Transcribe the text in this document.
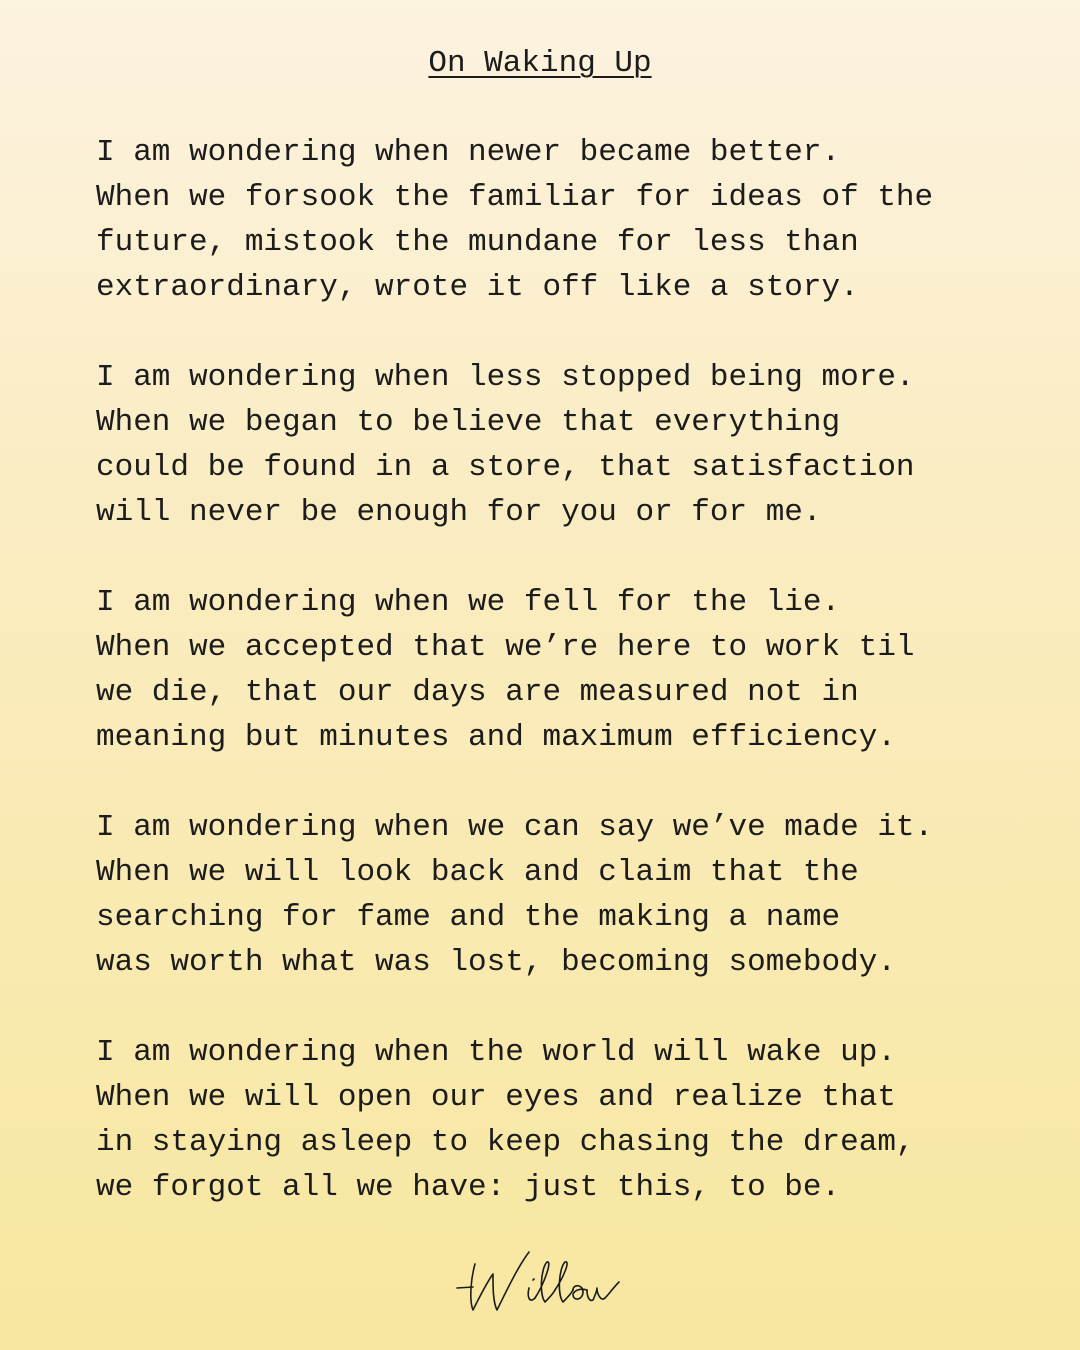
On Waking Up
I am wondering when newer became better.
When we forsook the familiar for ideas of the
future, mistook the mundane for less than
extraordinary, wrote it off like a story.
I am wondering when less stopped being more.
When we began to believe that everything
could be found in a store, that satisfaction
will never be enough for you or for me.
I am wondering when we fell for the lie.
When we accepted that we’re here to work til
we die, that our days are measured not in
meaning but minutes and maximum efficiency.
I am wondering when we can say we’ve made it.
When we will look back and claim that the
searching for fame and the making a name
was worth what was lost, becoming somebody.
I am wondering when the world will wake up.
When we will open our eyes and realize that
in staying asleep to keep chasing the dream,
we forgot all we have: just this, to be.
